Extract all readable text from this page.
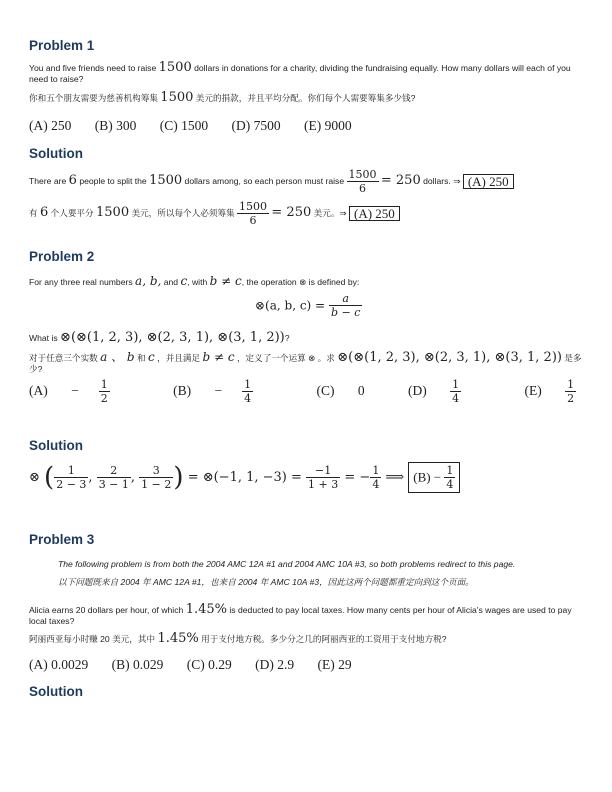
Problem 1
You and five friends need to raise 1500 dollars in donations for a charity, dividing the fundraising equally. How many dollars will each of you need to raise?
你和五个朋友需要为慈善机构筹集 1500 美元的捐款，并且平均分配。你们每个人需要筹集多少钱?
(A) 250 (B) 300 (C) 1500 (D) 7500 (E) 9000
Solution
There are 6 people to split the 1500 dollars among, so each person must raise $\frac{1500}{6} = 250$ dollars. ⇒ (A) 250
有 6 个人要平分 1500 美元，所以每个人必须筹集 $\frac{1500}{6} = 250$ 美元。⇒ (A) 250
Problem 2
For any three real numbers a, b, and c, with b ≠ c, the operation ⊗ is defined by:
⊗(a, b, $c) = \frac{a}{b - c}$
What is ⊗(⊗(1, 2, 3), ⊗(2, 3, 1), ⊗(3, 1, 2))?
对于任意三个实数 a 、 b 和 c ，并且满足 b ≠ c ，定义了一个运算 ⊗ 。求 ⊗(⊗(1, 2, 3), ⊗(2, 3, 1), ⊗(3, 1, 2)) 是多少?
$(A) - \frac{1}{2}$	$(B) - \frac{1}{4}$	(C) 0	$(D) \frac{1}{4}$	$(E) \frac{1}{2}$
Solution
⊗ ( $\frac{1}{2 - 3}$ , $\frac{2}{3 - 1}$ , $\frac{3}{1 - 2}$ ) = ⊗(−1, 1, $-3) = \frac{-1}{1 + 3}$ = − $\frac{1}{4}$ ⟹ $(B) - \frac{1}{4}$
Problem 3
The following problem is from both the 2004 AMC 12A #1 and 2004 AMC 10A #3, so both problems redirect to this page.
以下问题既来自 2004 年 AMC 12A #1，也来自 2004 年 AMC 10A #3，因此这两个问题都重定向到这个页面。
Alicia earns 20 dollars per hour, of which 1.45% is deducted to pay local taxes. How many cents per hour of Alicia's wages are used to pay local taxes?
阿丽西亚每小时赚 20 美元，其中 1.45% 用于支付地方税。多少分之几的阿丽西亚的工资用于支付地方税?
(A) 0.0029 (B) 0.029 (C) 0.29 (D) 2.9 (E) 29
Solution
